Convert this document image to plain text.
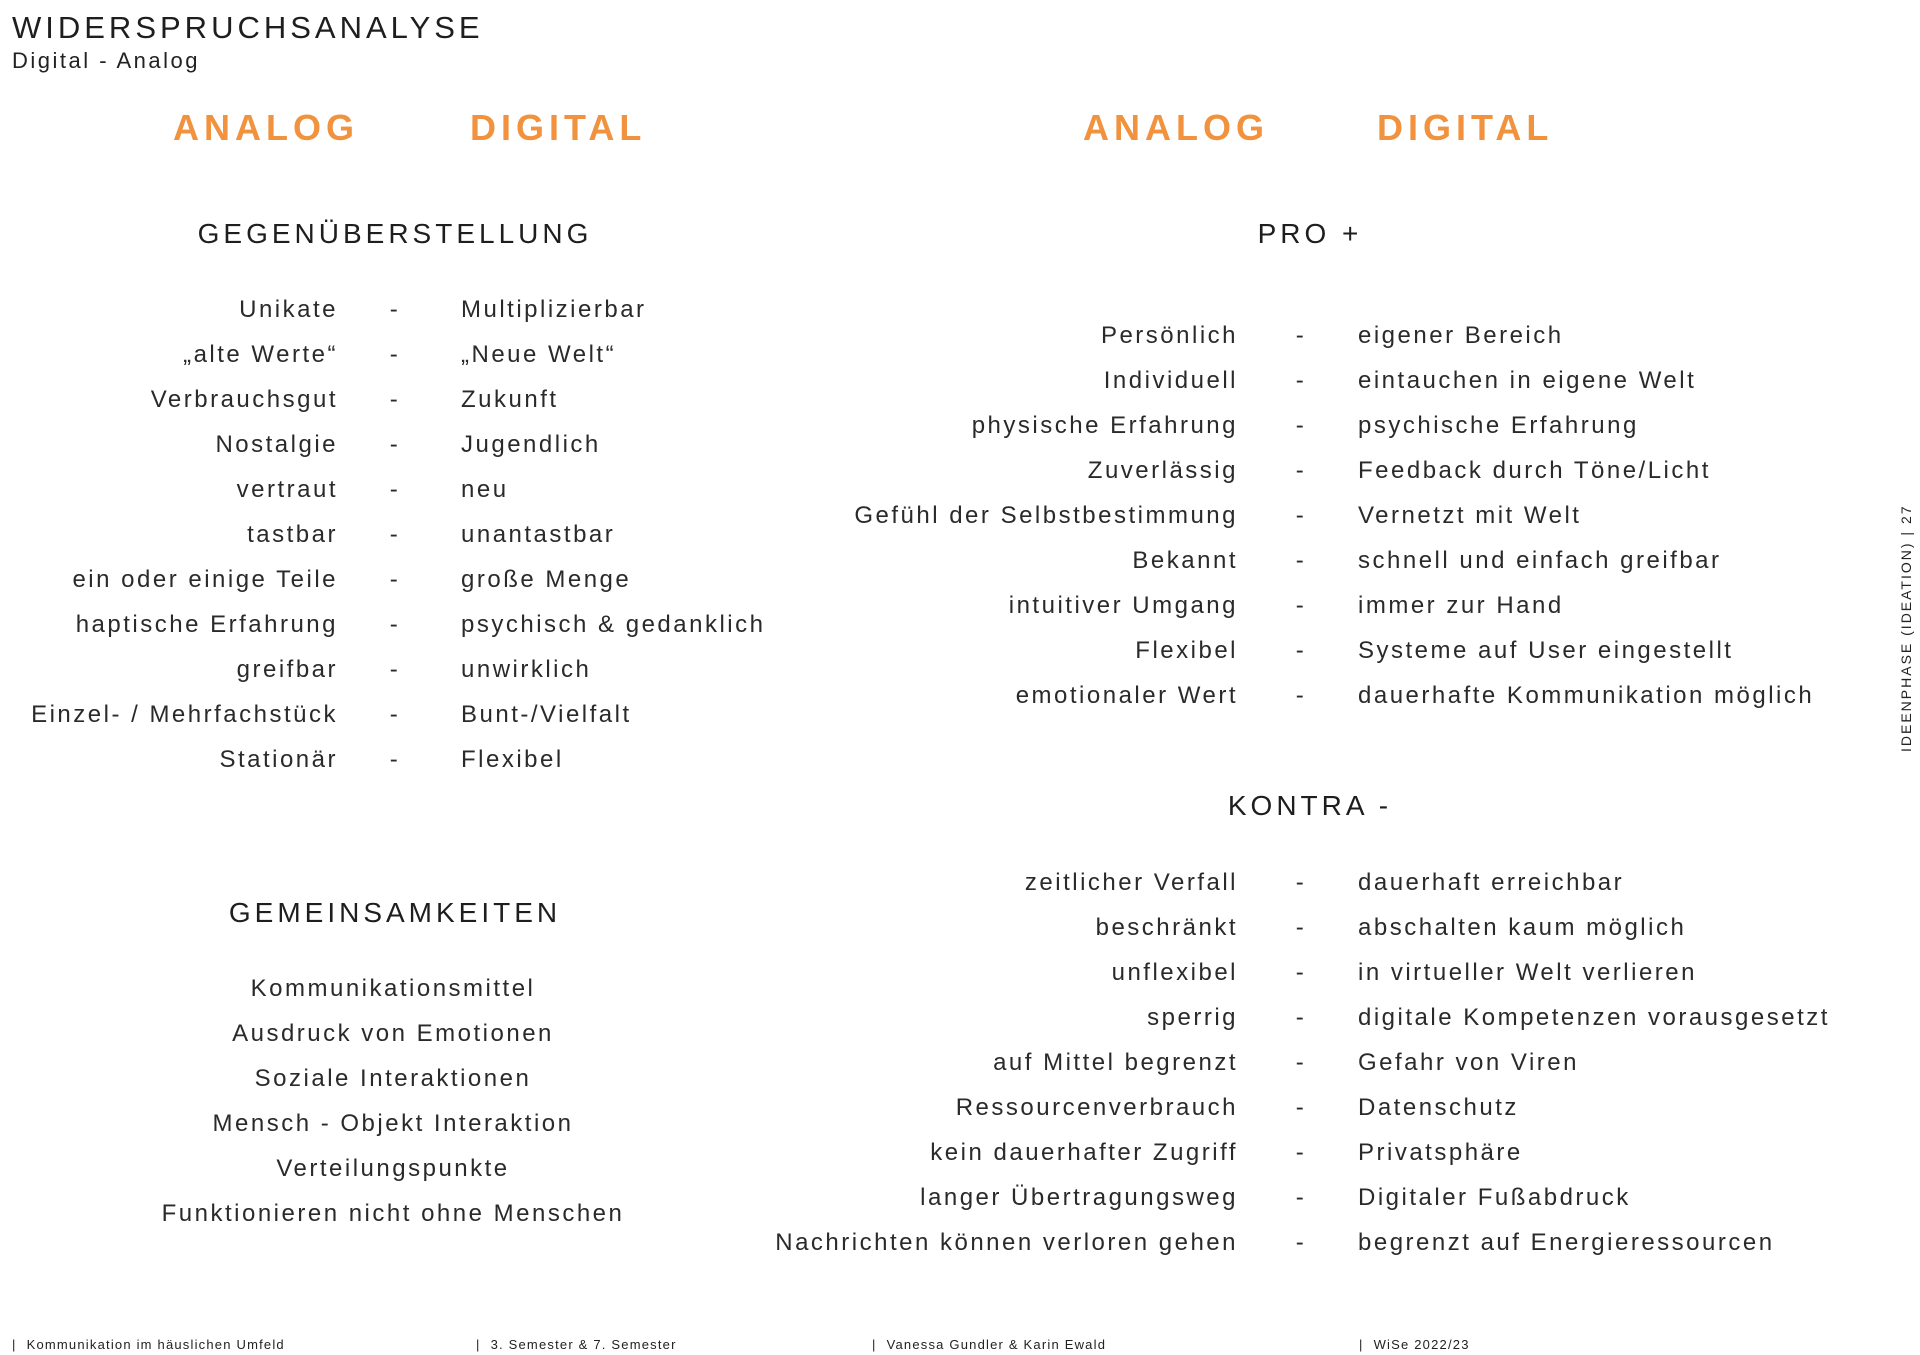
WIDERSPRUCHSANALYSE
Digital - Analog
ANALOG	DIGITAL	ANALOG	DIGITAL
GEGENÜBERSTELLUNG
Unikate	-	Multiplizierbar
„alte Werte“	-	„Neue Welt“
Verbrauchsgut	-	Zukunft
Nostalgie	-	Jugendlich
vertraut	-	neu
tastbar	-	unantastbar
ein oder einige Teile	-	große Menge
haptische Erfahrung	-	psychisch & gedanklich
greifbar	-	unwirklich
Einzel- / Mehrfachstück	-	Bunt-/Vielfalt
Stationär	-	Flexibel
GEMEINSAMKEITEN
Kommunikationsmittel
Ausdruck von Emotionen
Soziale Interaktionen
Mensch - Objekt Interaktion
Verteilungspunkte
Funktionieren nicht ohne Menschen
PRO +
Persönlich	-	eigener Bereich
Individuell	-	eintauchen in eigene Welt
physische Erfahrung	-	psychische Erfahrung
Zuverlässig	-	Feedback durch Töne/Licht
Gefühl der Selbstbestimmung	-	Vernetzt mit Welt
Bekannt	-	schnell und einfach greifbar
intuitiver Umgang	-	immer zur Hand
Flexibel	-	Systeme auf User eingestellt
emotionaler Wert	-	dauerhafte Kommunikation möglich
KONTRA -
zeitlicher Verfall	-	dauerhaft erreichbar
beschränkt	-	abschalten kaum möglich
unflexibel	-	in virtueller Welt verlieren
sperrig	-	digitale Kompetenzen vorausgesetzt
auf Mittel begrenzt	-	Gefahr von Viren
Ressourcenverbrauch	-	Datenschutz
kein dauerhafter Zugriff	-	Privatsphäre
langer Übertragungsweg	-	Digitaler Fußabdruck
Nachrichten können verloren gehen	-	begrenzt auf Energieressourcen
IDEENPHASE (IDEATION) | 27
| Kommunikation im häuslichen Umfeld	| 3. Semester & 7. Semester	| Vanessa Gundler & Karin Ewald	| WiSe 2022/23
